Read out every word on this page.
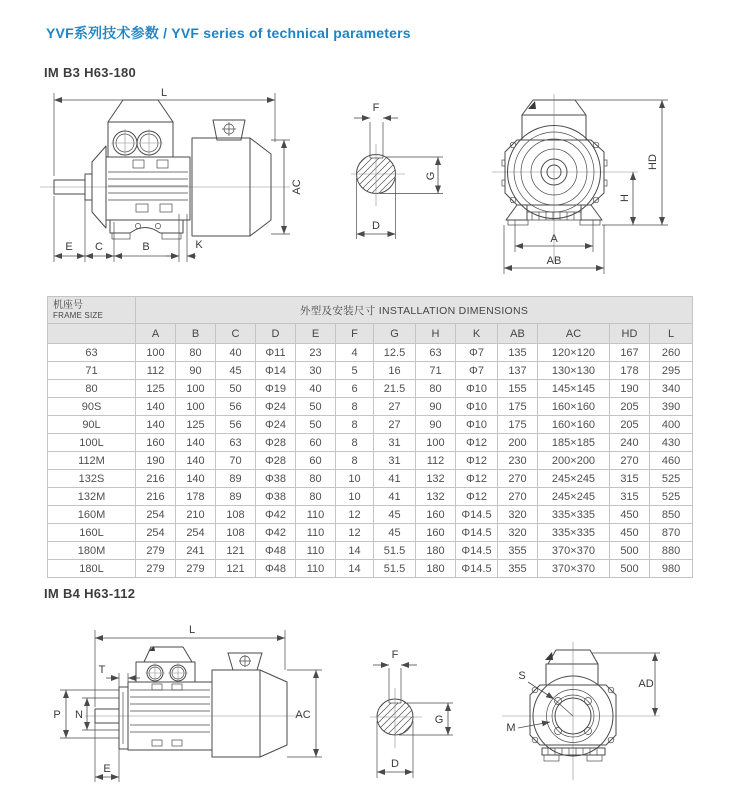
YVF系列技术参数 / YVF series of technical parameters
IM B3 H63-180
L
AC
E C	B	K
F
G
D
HD
H
A
AB
机座号
FRAME SIZE	外型及安装尺寸 INSTALLATION DIMENSIONS												
	A	B	C	D	E	F	G	H	K	AB	AC	HD	L
63	100	80	40	Φ11	23	4	12.5	63	Φ7	135	120×120	167	260
71	112	90	45	Φ14	30	5	16	71	Φ7	137	130×130	178	295
80	125	100	50	Φ19	40	6	21.5	80	Φ10	155	145×145	190	340
90S	140	100	56	Φ24	50	8	27	90	Φ10	175	160×160	205	390
90L	140	125	56	Φ24	50	8	27	90	Φ10	175	160×160	205	400
100L	160	140	63	Φ28	60	8	31	100	Φ12	200	185×185	240	430
112M	190	140	70	Φ28	60	8	31	112	Φ12	230	200×200	270	460
132S	216	140	89	Φ38	80	10	41	132	Φ12	270	245×245	315	525
132M	216	178	89	Φ38	80	10	41	132	Φ12	270	245×245	315	525
160M	254	210	108	Φ42	110	12	45	160	Φ14.5	320	335×335	450	850
160L	254	254	108	Φ42	110	12	45	160	Φ14.5	320	335×335	450	870
180M	279	241	121	Φ48	110	14	51.5	180	Φ14.5	355	370×370	500	880
180L	279	279	121	Φ48	110	14	51.5	180	Φ14.5	355	370×370	500	980
IM B4 H63-112
L
T
P N
E
AC
F
G
D
S
M
AD
